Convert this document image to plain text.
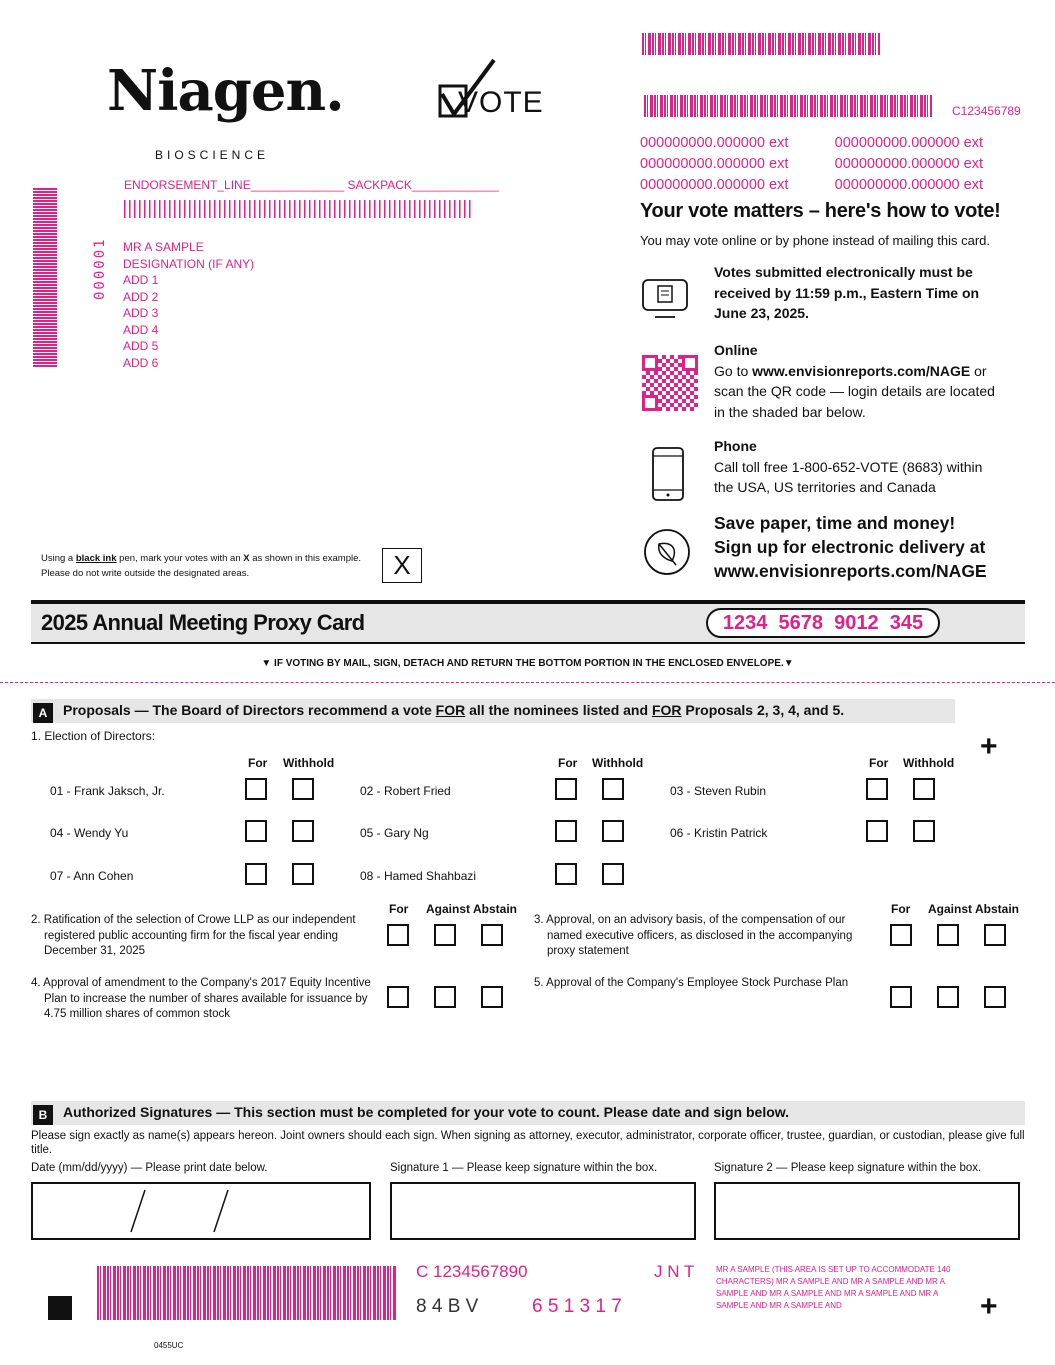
Niagen.
BIOSCIENCE
VOTE
ENDORSEMENT_LINE______________ SACKPACK_____________
000001 MR A SAMPLE
DESIGNATION (IF ANY)
ADD 1
ADD 2
ADD 3
ADD 4
ADD 5
ADD 6
Using a black ink pen, mark your votes with an X as shown in this example.
Please do not write outside the designated areas.	X
C123456789
000000000.000000 ext	000000000.000000 ext
000000000.000000 ext	000000000.000000 ext
000000000.000000 ext	000000000.000000 ext
Your vote matters – here's how to vote!
You may vote online or by phone instead of mailing this card.
Votes submitted electronically must be received by 11:59 p.m., Eastern Time on June 23, 2025.
Online
Go to www.envisionreports.com/NAGE or scan the QR code — login details are located in the shaded bar below.
Phone
Call toll free 1-800-652-VOTE (8683) within the USA, US territories and Canada
Save paper, time and money!
Sign up for electronic delivery at www.envisionreports.com/NAGE
2025 Annual Meeting Proxy Card	1234  5678  9012  345
▼ IF VOTING BY MAIL, SIGN, DETACH AND RETURN THE BOTTOM PORTION IN THE ENCLOSED ENVELOPE.▼
A	Proposals — The Board of Directors recommend a vote FOR all the nominees listed and FOR Proposals 2, 3, 4, and 5.
+
1. Election of Directors:
For Withhold	For Withhold	For Withhold
01 - Frank Jaksch, Jr.	02 - Robert Fried	03 - Steven Rubin
04 - Wendy Yu	05 - Gary Ng	06 - Kristin Patrick
07 - Ann Cohen	08 - Hamed Shahbazi
For Against Abstain	For Against Abstain
2. Ratification of the selection of Crowe LLP as our independent registered public accounting firm for the fiscal year ending December 31, 2025
3. Approval, on an advisory basis, of the compensation of our named executive officers, as disclosed in the accompanying proxy statement
4. Approval of amendment to the Company's 2017 Equity Incentive Plan to increase the number of shares available for issuance by 4.75 million shares of common stock
5. Approval of the Company's Employee Stock Purchase Plan
B	Authorized Signatures — This section must be completed for your vote to count. Please date and sign below.
Please sign exactly as name(s) appears hereon. Joint owners should each sign. When signing as attorney, executor, administrator, corporate officer, trustee, guardian, or custodian, please give full title.
Date (mm/dd/yyyy) — Please print date below.	Signature 1 — Please keep signature within the box.	Signature 2 — Please keep signature within the box.
C 1234567890	J N T
8 4 B V	6 5 1 3 1 7
MR A SAMPLE (THIS AREA IS SET UP TO ACCOMMODATE 140 CHARACTERS) MR A SAMPLE AND MR A SAMPLE AND MR A SAMPLE AND MR A SAMPLE AND MR A SAMPLE AND MR A SAMPLE AND MR A SAMPLE AND	+
0455UC
